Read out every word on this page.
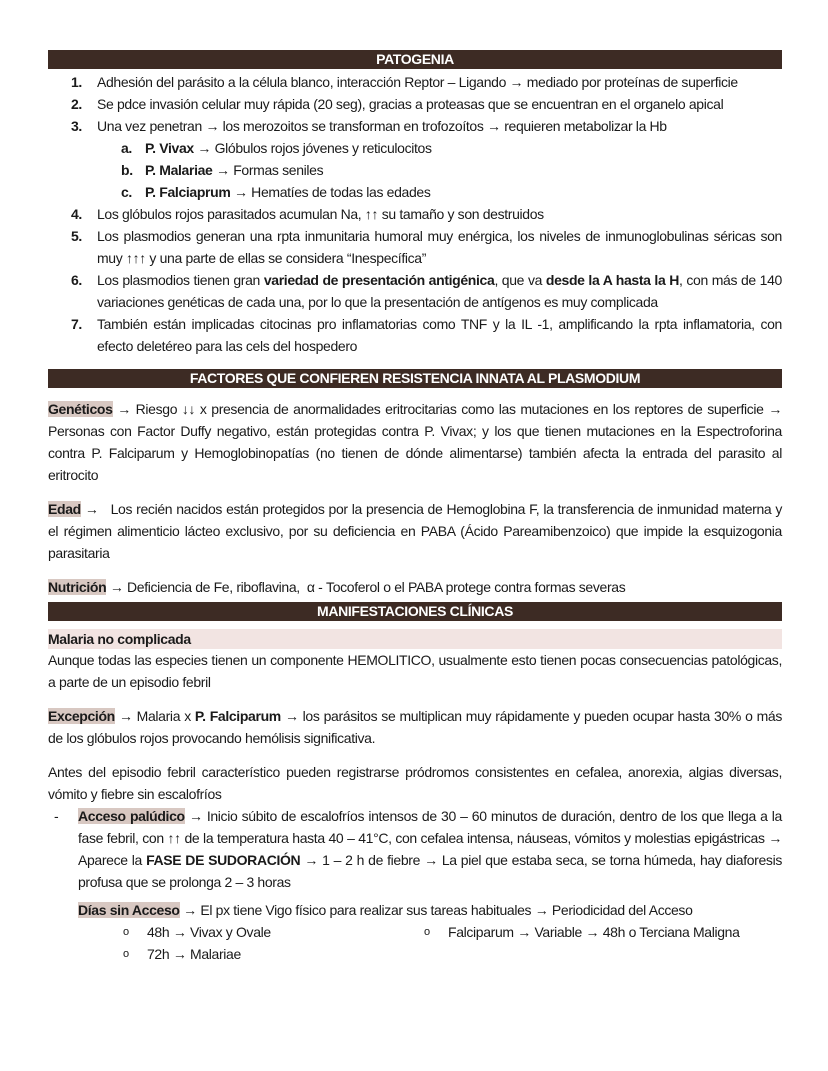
PATOGENIA
1. Adhesión del parásito a la célula blanco, interacción Reptor – Ligando → mediado por proteínas de superficie
2. Se pdce invasión celular muy rápida (20 seg), gracias a proteasas que se encuentran en el organelo apical
3. Una vez penetran → los merozoitos se transforman en trofozoítos → requieren metabolizar la Hb
a. P. Vivax → Glóbulos rojos jóvenes y reticulocitos
b. P. Malariae → Formas seniles
c. P. Falciaprum → Hematíes de todas las edades
4. Los glóbulos rojos parasitados acumulan Na, ↑↑ su tamaño y son destruidos
5. Los plasmodios generan una rpta inmunitaria humoral muy enérgica, los niveles de inmunoglobulinas séricas son muy ↑↑↑ y una parte de ellas se considera “Inespecífica”
6. Los plasmodios tienen gran variedad de presentación antigénica, que va desde la A hasta la H, con más de 140 variaciones genéticas de cada una, por lo que la presentación de antígenos es muy complicada
7. También están implicadas citocinas pro inflamatorias como TNF y la IL -1, amplificando la rpta inflamatoria, con efecto deletéreo para las cels del hospedero
FACTORES QUE CONFIEREN RESISTENCIA INNATA AL PLASMODIUM

Genéticos → Riesgo ↓↓ x presencia de anormalidades eritrocitarias como las mutaciones en los reptores de superficie → Personas con Factor Duffy negativo, están protegidas contra P. Vivax; y los que tienen mutaciones en la Espectroforina contra P. Falciparum y Hemoglobinopatías (no tienen de dónde alimentarse) también afecta la entrada del parasito al eritrocito

Edad →   Los recién nacidos están protegidos por la presencia de Hemoglobina F, la transferencia de inmunidad materna y el régimen alimenticio lácteo exclusivo, por su deficiencia en PABA (Ácido Pareamibenzoico) que impide la esquizogonia parasitaria

Nutrición → Deficiencia de Fe, riboflavina,  α - Tocoferol o el PABA protege contra formas severas

MANIFESTACIONES CLÍNICAS
Malaria no complicada

Aunque todas las especies tienen un componente HEMOLITICO, usualmente esto tienen pocas consecuencias patológicas, a parte de un episodio febril

Excepción → Malaria x P. Falciparum → los parásitos se multiplican muy rápidamente y pueden ocupar hasta 30% o más de los glóbulos rojos provocando hemólisis significativa.

Antes del episodio febril característico pueden registrarse pródromos consistentes en cefalea, anorexia, algias diversas, vómito y fiebre sin escalofríos

- Acceso palúdico → Inicio súbito de escalofríos intensos de 30 – 60 minutos de duración, dentro de los que llega a la fase febril, con ↑↑ de la temperatura hasta 40 – 41°C, con cefalea intensa, náuseas, vómitos y molestias epigástricas → Aparece la FASE DE SUDORACIÓN → 1 – 2 h de fiebre → La piel que estaba seca, se torna húmeda, hay diaforesis profusa que se prolonga 2 – 3 horas

Días sin Acceso → El px tiene Vigo físico para realizar sus tareas habituales → Periodicidad del Acceso

o 48h → Vivax y Ovale	o Falciparum → Variable → 48h o Terciana Maligna
o 72h → Malariae
